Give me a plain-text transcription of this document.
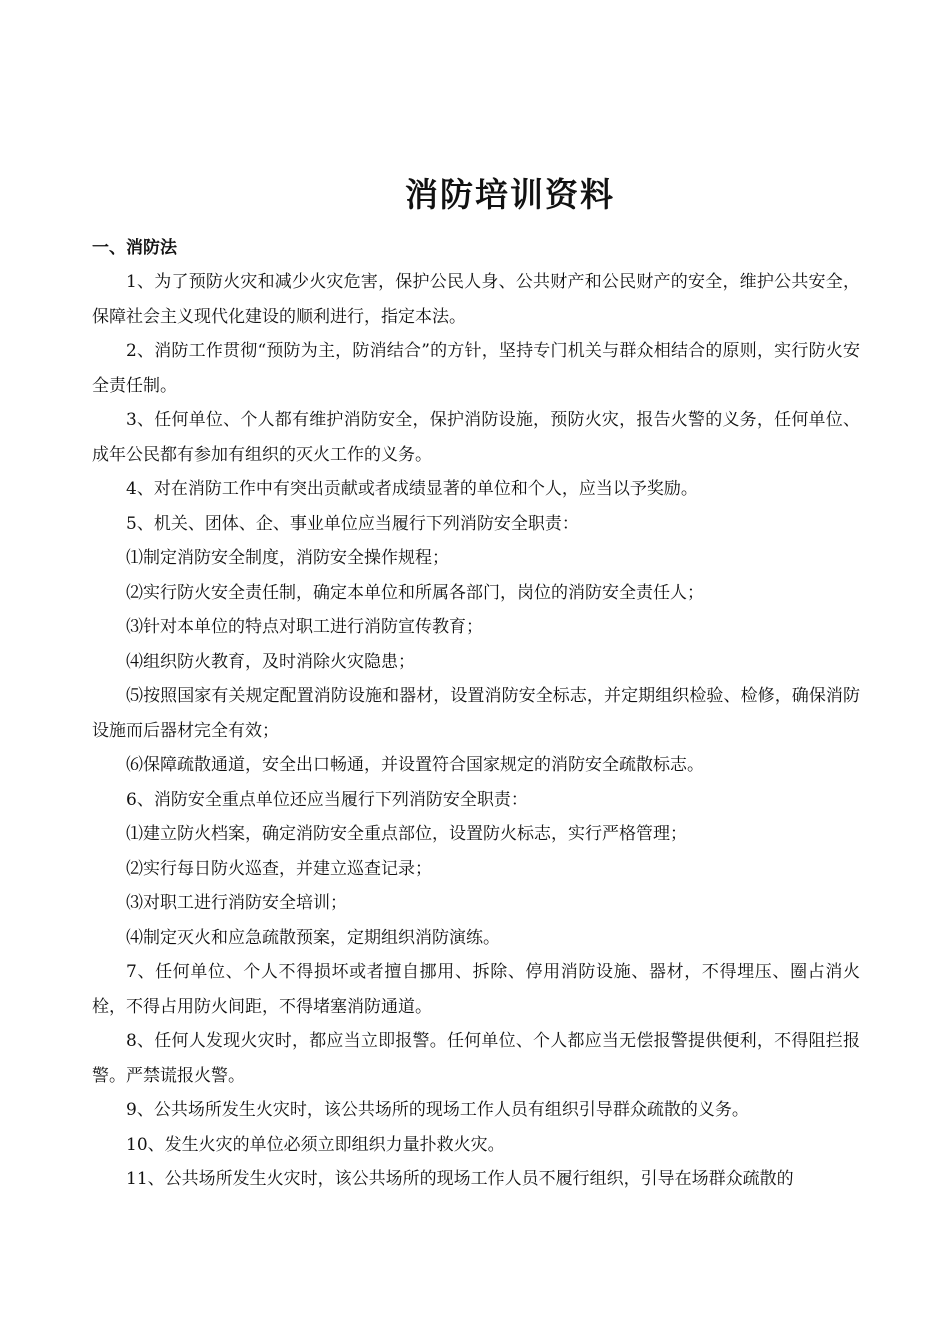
消防培训资料
一、消防法

1、为了预防火灾和减少火灾危害，保护公民人身、公共财产和公民财产的安全，维护公共安全，保障社会主义现代化建设的顺利进行，指定本法。

2、消防工作贯彻“预防为主，防消结合”的方针，坚持专门机关与群众相结合的原则，实行防火安全责任制。

3、任何单位、个人都有维护消防安全，保护消防设施，预防火灾，报告火警的义务，任何单位、成年公民都有参加有组织的灭火工作的义务。

4、对在消防工作中有突出贡献或者成绩显著的单位和个人，应当以予奖励。

5、机关、团体、企、事业单位应当履行下列消防安全职责：

⑴制定消防安全制度，消防安全操作规程；

⑵实行防火安全责任制，确定本单位和所属各部门，岗位的消防安全责任人；

⑶针对本单位的特点对职工进行消防宣传教育；

⑷组织防火教育，及时消除火灾隐患；

⑸按照国家有关规定配置消防设施和器材，设置消防安全标志，并定期组织检验、检修，确保消防设施而后器材完全有效；

⑹保障疏散通道，安全出口畅通，并设置符合国家规定的消防安全疏散标志。

6、消防安全重点单位还应当履行下列消防安全职责：

⑴建立防火档案，确定消防安全重点部位，设置防火标志，实行严格管理；

⑵实行每日防火巡查，并建立巡查记录；

⑶对职工进行消防安全培训；

⑷制定灭火和应急疏散预案，定期组织消防演练。

7、任何单位、个人不得损坏或者擅自挪用、拆除、停用消防设施、器材，不得埋压、圈占消火栓，不得占用防火间距，不得堵塞消防通道。

8、任何人发现火灾时，都应当立即报警。任何单位、个人都应当无偿报警提供便利，不得阻拦报警。严禁谎报火警。

9、公共场所发生火灾时，该公共场所的现场工作人员有组织引导群众疏散的义务。

10、发生火灾的单位必须立即组织力量扑救火灾。

11、公共场所发生火灾时，该公共场所的现场工作人员不履行组织，引导在场群众疏散的
